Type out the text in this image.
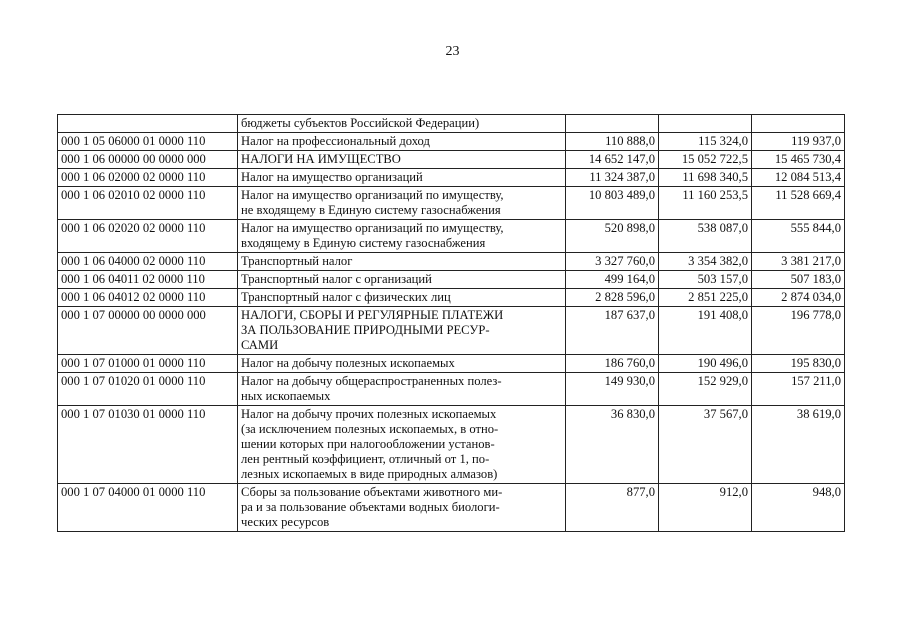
23
	бюджеты субъектов Российской Федерации)			
000 1 05 06000 01 0000 110	Налог на профессиональный доход	110 888,0	115 324,0	119 937,0
000 1 06 00000 00 0000 000	НАЛОГИ НА ИМУЩЕСТВО	14 652 147,0	15 052 722,5	15 465 730,4
000 1 06 02000 02 0000 110	Налог на имущество организаций	11 324 387,0	11 698 340,5	12 084 513,4
000 1 06 02010 02 0000 110	Налог на имущество организаций по имуществу,
не входящему в Единую систему газоснабжения	10 803 489,0	11 160 253,5	11 528 669,4
000 1 06 02020 02 0000 110	Налог на имущество организаций по имуществу,
входящему в Единую систему газоснабжения	520 898,0	538 087,0	555 844,0
000 1 06 04000 02 0000 110	Транспортный налог	3 327 760,0	3 354 382,0	3 381 217,0
000 1 06 04011 02 0000 110	Транспортный налог с организаций	499 164,0	503 157,0	507 183,0
000 1 06 04012 02 0000 110	Транспортный налог с физических лиц	2 828 596,0	2 851 225,0	2 874 034,0
000 1 07 00000 00 0000 000	НАЛОГИ, СБОРЫ И РЕГУЛЯРНЫЕ ПЛАТЕЖИ
ЗА ПОЛЬЗОВАНИЕ ПРИРОДНЫМИ РЕСУР-
САМИ	187 637,0	191 408,0	196 778,0
000 1 07 01000 01 0000 110	Налог на добычу полезных ископаемых	186 760,0	190 496,0	195 830,0
000 1 07 01020 01 0000 110	Налог на добычу общераспространенных полез-
ных ископаемых	149 930,0	152 929,0	157 211,0
000 1 07 01030 01 0000 110	Налог на добычу прочих полезных ископаемых
(за исключением полезных ископаемых, в отно-
шении которых при налогообложении установ-
лен рентный коэффициент, отличный от 1, по-
лезных ископаемых в виде природных алмазов)	36 830,0	37 567,0	38 619,0
000 1 07 04000 01 0000 110	Сборы за пользование объектами животного ми-
ра и за пользование объектами водных биологи-
ческих ресурсов	877,0	912,0	948,0
